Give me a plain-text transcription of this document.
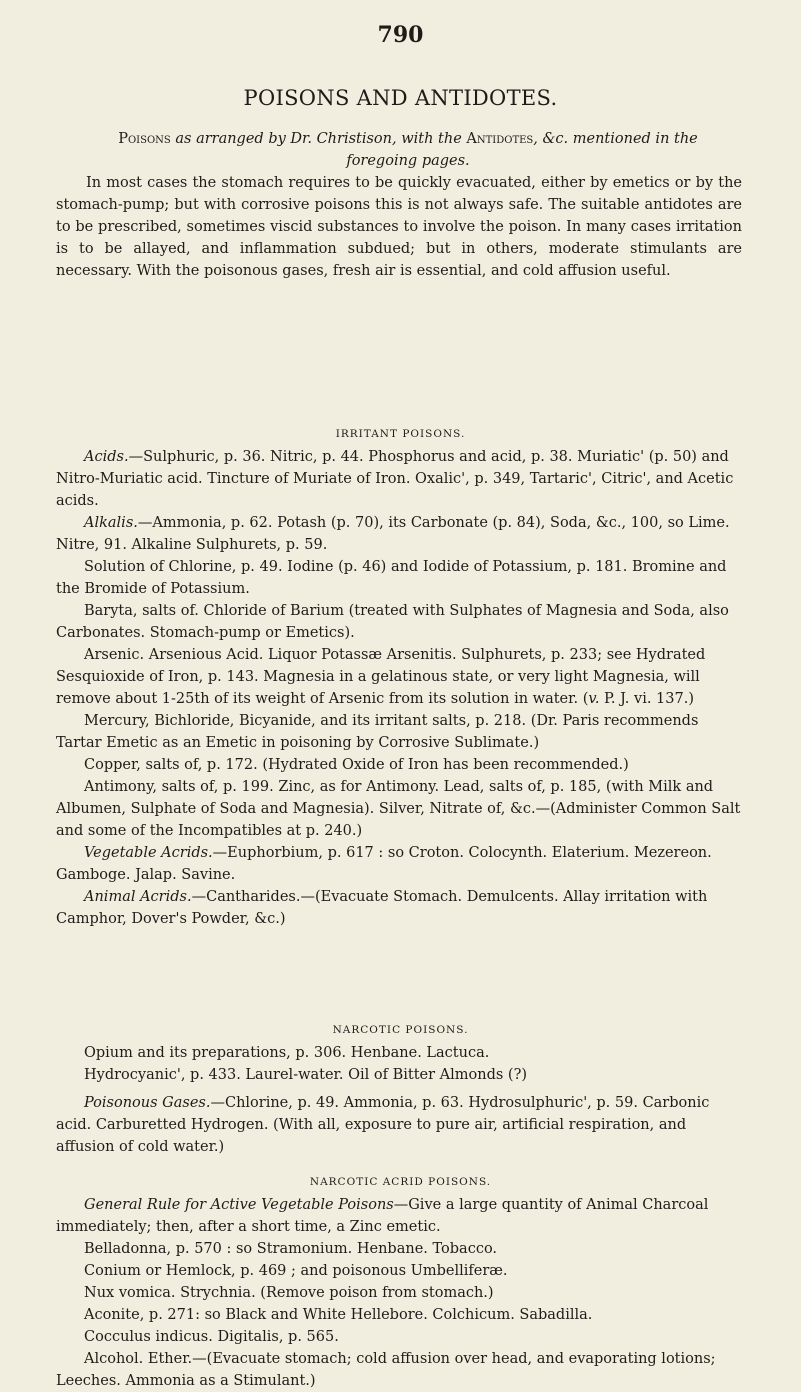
790
POISONS AND ANTIDOTES.
Poisons as arranged by Dr. Christison, with the Antidotes, &c. mentioned in the foregoing pages.
In most cases the stomach requires to be quickly evacuated, either by emetics or by the stomach-pump; but with corrosive poisons this is not always safe. The suitable antidotes are to be prescribed, sometimes viscid substances to involve the poison. In many cases irritation is to be allayed, and inflammation subdued; but in others, moderate stimulants are necessary. With the poisonous gases, fresh air is essential, and cold affusion useful.
IRRITANT POISONS.
Acids.—Sulphuric, p. 36. Nitric, p. 44. Phosphorus and acid, p. 38. Muriatic' (p. 50) and Nitro-Muriatic acid. Tincture of Muriate of Iron. Oxalic', p. 349, Tartaric', Citric', and Acetic acids.
Alkalis.—Ammonia, p. 62. Potash (p. 70), its Carbonate (p. 84), Soda, &c., 100, so Lime. Nitre, 91. Alkaline Sulphurets, p. 59.
Solution of Chlorine, p. 49. Iodine (p. 46) and Iodide of Potassium, p. 181. Bromine and the Bromide of Potassium.
Baryta, salts of. Chloride of Barium (treated with Sulphates of Magnesia and Soda, also Carbonates. Stomach-pump or Emetics).
Arsenic. Arsenious Acid. Liquor Potassæ Arsenitis. Sulphurets, p. 233; see Hydrated Sesquioxide of Iron, p. 143. Magnesia in a gelatinous state, or very light Magnesia, will remove about 1-25th of its weight of Arsenic from its solution in water. (v. P. J. vi. 137.)
Mercury, Bichloride, Bicyanide, and its irritant salts, p. 218. (Dr. Paris recommends Tartar Emetic as an Emetic in poisoning by Corrosive Sublimate.)
Copper, salts of, p. 172. (Hydrated Oxide of Iron has been recommended.)
Antimony, salts of, p. 199. Zinc, as for Antimony. Lead, salts of, p. 185, (with Milk and Albumen, Sulphate of Soda and Magnesia). Silver, Nitrate of, &c.—(Administer Common Salt and some of the Incompatibles at p. 240.)
Vegetable Acrids.—Euphorbium, p. 617 : so Croton. Colocynth. Elaterium. Mezereon. Gamboge. Jalap. Savine.
Animal Acrids.—Cantharides.—(Evacuate Stomach. Demulcents. Allay irritation with Camphor, Dover's Powder, &c.)
NARCOTIC POISONS.
Opium and its preparations, p. 306. Henbane. Lactuca.
Hydrocyanic', p. 433. Laurel-water. Oil of Bitter Almonds (?)
Poisonous Gases.—Chlorine, p. 49. Ammonia, p. 63. Hydrosulphuric', p. 59. Carbonic acid. Carburetted Hydrogen. (With all, exposure to pure air, artificial respiration, and affusion of cold water.)
NARCOTIC ACRID POISONS.
General Rule for Active Vegetable Poisons—Give a large quantity of Animal Charcoal immediately; then, after a short time, a Zinc emetic.
Belladonna, p. 570 : so Stramonium. Henbane. Tobacco.
Conium or Hemlock, p. 469 ; and poisonous Umbelliferæ.
Nux vomica. Strychnia. (Remove poison from stomach.)
Aconite, p. 271: so Black and White Hellebore. Colchicum. Sabadilla.
Cocculus indicus. Digitalis, p. 565.
Alcohol. Ether.—(Evacuate stomach; cold affusion over head, and evaporating lotions; Leeches. Ammonia as a Stimulant.)
